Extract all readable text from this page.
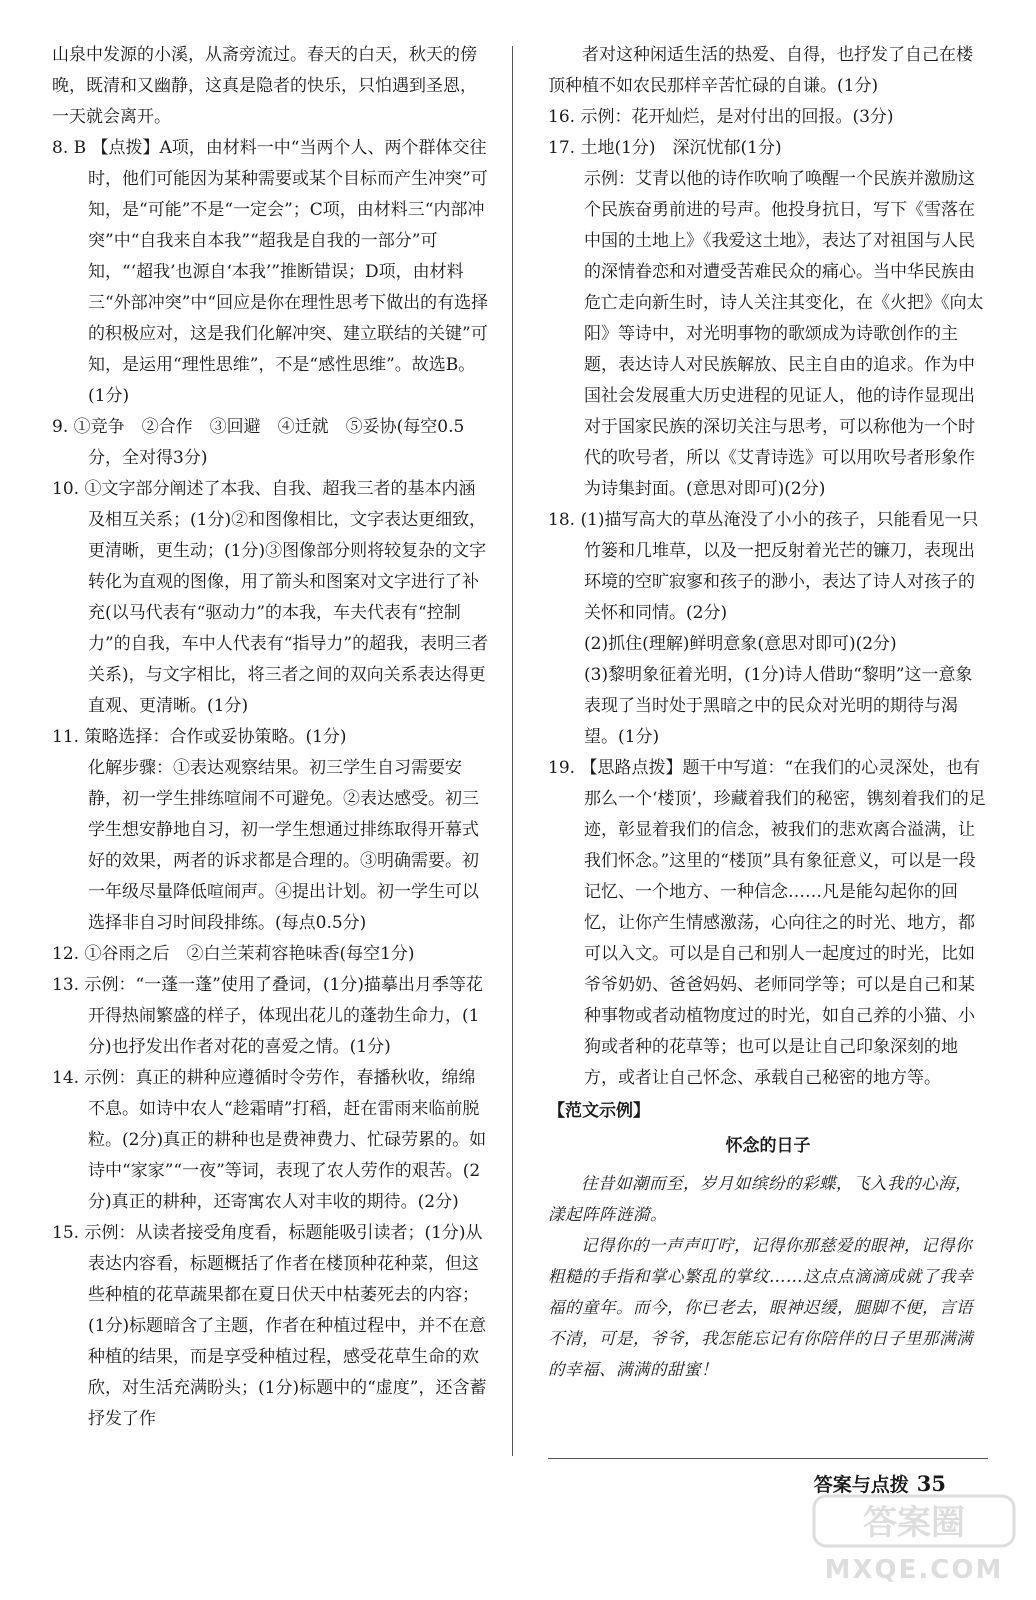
山泉中发源的小溪，从斋旁流过。春天的白天，秋天的傍晚，既清和又幽静，这真是隐者的快乐，只怕遇到圣恩，一天就会离开。

8. B 【点拨】A项，由材料一中“当两个人、两个群体交往时，他们可能因为某种需要或某个目标而产生冲突”可知，是“可能”不是“一定会”；C项，由材料三“内部冲突”中“自我来自本我”“超我是自我的一部分”可知，“‘超我’也源自‘本我’”推断错误；D项，由材料三“外部冲突”中“回应是你在理性思考下做出的有选择的积极应对，这是我们化解冲突、建立联结的关键”可知，是运用“理性思维”，不是“感性思维”。故选B。(1分)

9. ①竞争　②合作　③回避　④迁就　⑤妥协(每空0.5分，全对得3分)

10. ①文字部分阐述了本我、自我、超我三者的基本内涵及相互关系；(1分)②和图像相比，文字表达更细致，更清晰，更生动；(1分)③图像部分则将较复杂的文字转化为直观的图像，用了箭头和图案对文字进行了补充(以马代表有“驱动力”的本我，车夫代表有“控制力”的自我，车中人代表有“指导力”的超我，表明三者关系)，与文字相比，将三者之间的双向关系表达得更直观、更清晰。(1分)

11. 策略选择：合作或妥协策略。(1分)
化解步骤：①表达观察结果。初三学生自习需要安静，初一学生排练喧闹不可避免。②表达感受。初三学生想安静地自习，初一学生想通过排练取得开幕式好的效果，两者的诉求都是合理的。③明确需要。初一年级尽量降低喧闹声。④提出计划。初一学生可以选择非自习时间段排练。(每点0.5分)

12. ①谷雨之后　②白兰茉莉容艳味香(每空1分)

13. 示例：“一蓬一蓬”使用了叠词，(1分)描摹出月季等花开得热闹繁盛的样子，体现出花儿的蓬勃生命力，(1分)也抒发出作者对花的喜爱之情。(1分)

14. 示例：真正的耕种应遵循时令劳作，春播秋收，绵绵不息。如诗中农人“趁霜晴”打稻，赶在雷雨来临前脱粒。(2分)真正的耕种也是费神费力、忙碌劳累的。如诗中“家家”“一夜”等词，表现了农人劳作的艰苦。(2分)真正的耕种，还寄寓农人对丰收的期待。(2分)

15. 示例：从读者接受角度看，标题能吸引读者；(1分)从表达内容看，标题概括了作者在楼顶种花种菜，但这些种植的花草蔬果都在夏日伏天中枯萎死去的内容；(1分)标题暗含了主题，作者在种植过程中，并不在意种植的结果，而是享受种植过程，感受花草生命的欢欣，对生活充满盼头；(1分)标题中的“虚度”，还含蓄抒发了作

　　者对这种闲适生活的热爱、自得，也抒发了自己在楼顶种植不如农民那样辛苦忙碌的自谦。(1分)

16. 示例：花开灿烂，是对付出的回报。(3分)

17. 土地(1分)　深沉忧郁(1分)
示例：艾青以他的诗作吹响了唤醒一个民族并激励这个民族奋勇前进的号声。他投身抗日，写下《雪落在中国的土地上》《我爱这土地》，表达了对祖国与人民的深情眷恋和对遭受苦难民众的痛心。当中华民族由危亡走向新生时，诗人关注其变化，在《火把》《向太阳》等诗中，对光明事物的歌颂成为诗歌创作的主题，表达诗人对民族解放、民主自由的追求。作为中国社会发展重大历史进程的见证人，他的诗作显现出对于国家民族的深切关注与思考，可以称他为一个时代的吹号者，所以《艾青诗选》可以用吹号者形象作为诗集封面。(意思对即可)(2分)

18. (1)描写高大的草丛淹没了小小的孩子，只能看见一只竹篓和几堆草，以及一把反射着光芒的镰刀，表现出环境的空旷寂寥和孩子的渺小，表达了诗人对孩子的关怀和同情。(2分)
(2)抓住(理解)鲜明意象(意思对即可)(2分)
(3)黎明象征着光明，(1分)诗人借助“黎明”这一意象表现了当时处于黑暗之中的民众对光明的期待与渴望。(1分)

19. 【思路点拨】题干中写道：“在我们的心灵深处，也有那么一个‘楼顶’，珍藏着我们的秘密，镌刻着我们的足迹，彰显着我们的信念，被我们的悲欢离合溢满，让我们怀念。”这里的“楼顶”具有象征意义，可以是一段记忆、一个地方、一种信念……凡是能勾起你的回忆，让你产生情感激荡，心向往之的时光、地方，都可以入文。可以是自己和别人一起度过的时光，比如爷爷奶奶、爸爸妈妈、老师同学等；可以是自己和某种事物或者动植物度过的时光，如自己养的小猫、小狗或者种的花草等；也可以是让自己印象深刻的地方，或者让自己怀念、承载自己秘密的地方等。

【范文示例】

怀念的日子

往昔如潮而至，岁月如缤纷的彩蝶，飞入我的心海，漾起阵阵涟漪。

记得你的一声声叮咛，记得你那慈爱的眼神，记得你粗糙的手指和掌心繁乱的掌纹……这点点滴滴成就了我幸福的童年。而今，你已老去，眼神迟缓，腿脚不便，言语不清，可是，爷爷，我怎能忘记有你陪伴的日子里那满满的幸福、满满的甜蜜！

答案与点拨 35
答案圈
MXQE.COM
